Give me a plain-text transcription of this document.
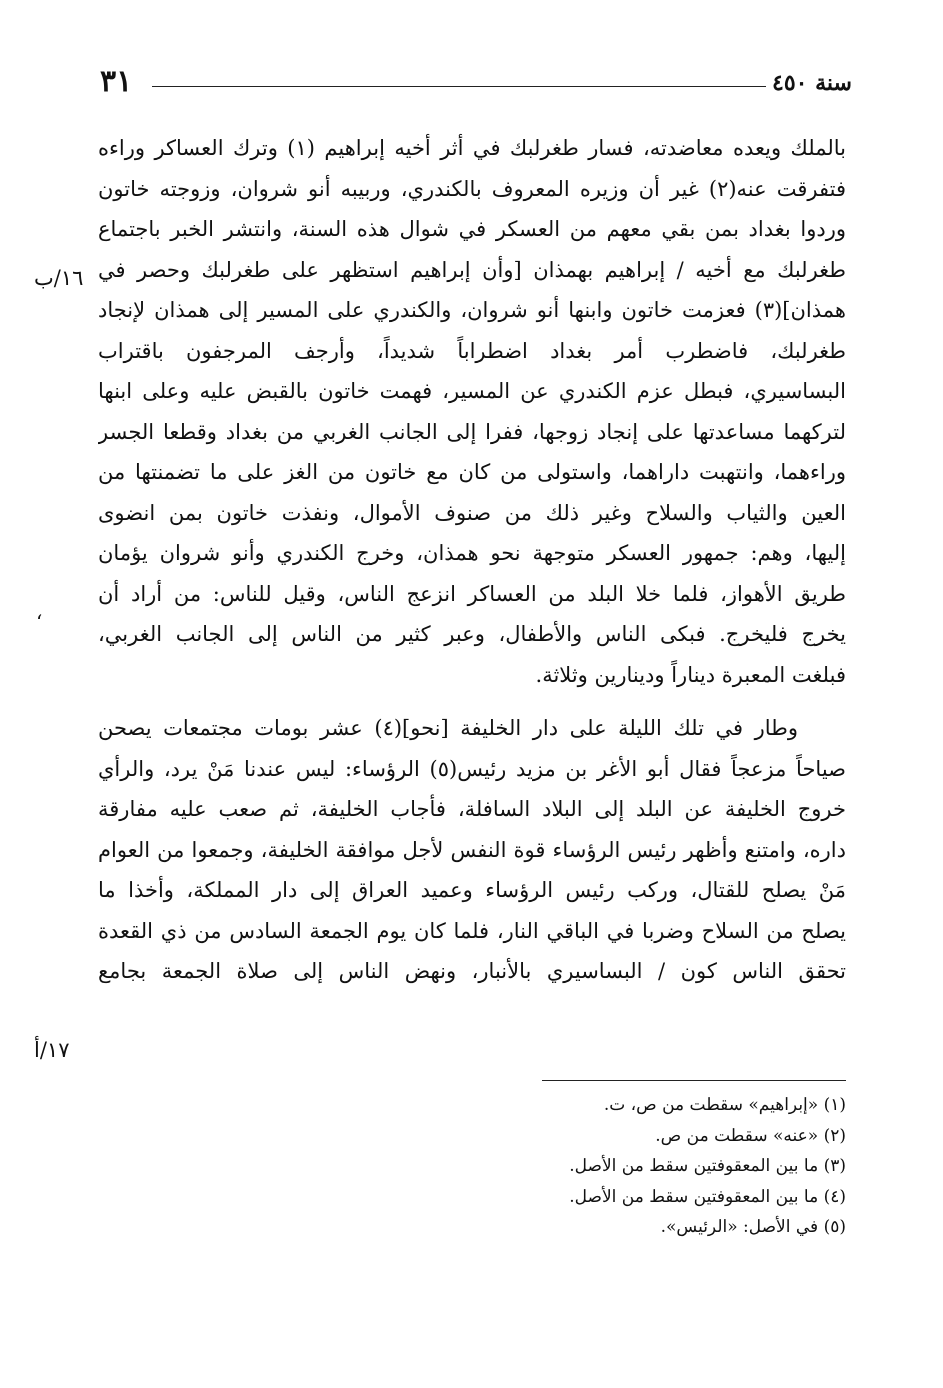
٣١	سنة ٤٥٠
بالملك ويعده معاضدته، فسار طغرلبك في أثر أخيه إبراهيم (١) وترك العساكر وراءه
فتفرقت عنه(٢) غير أن وزيره المعروف بالكندري، وربيبه أنو شروان، وزوجته خاتون
وردوا بغداد بمن بقي معهم من العسكر في شوال هذه السنة، وانتشر الخبر باجتماع
طغرلبك مع أخيه / إبراهيم بهمذان [وأن إبراهيم استظهر على طغرلبك وحصر في
همذان](٣) فعزمت خاتون وابنها أنو شروان، والكندري على المسير إلى همذان لإنجاد
طغرلبك، فاضطرب أمر بغداد اضطراباً شديداً، وأرجف المرجفون باقتراب
البساسيري، فبطل عزم الكندري عن المسير، فهمت خاتون بالقبض عليه وعلى ابنها
لتركهما مساعدتها على إنجاد زوجها، ففرا إلى الجانب الغربي من بغداد وقطعا الجسر
وراءهما، وانتهبت داراهما، واستولى من كان مع خاتون من الغز على ما تضمنتها من
العين والثياب والسلاح وغير ذلك من صنوف الأموال، ونفذت خاتون بمن انضوى
إليها، وهم: جمهور العسكر متوجهة نحو همذان، وخرج الكندري وأنو شروان يؤمان
طريق الأهواز، فلما خلا البلد من العساكر انزعج الناس، وقيل للناس: من أراد أن
يخرج فليخرج. فبكى الناس والأطفال، وعبر كثير من الناس إلى الجانب الغربي،
فبلغت المعبرة ديناراً ودينارين وثلاثة.
وطار في تلك الليلة على دار الخليفة [نحو](٤) عشر بومات مجتمعات يصحن
صياحاً مزعجاً فقال أبو الأغر بن مزيد رئيس(٥) الرؤساء: ليس عندنا مَنْ يرد، والرأي
خروج الخليفة عن البلد إلى البلاد السافلة، فأجاب الخليفة، ثم صعب عليه مفارقة
داره، وامتنع وأظهر رئيس الرؤساء قوة النفس لأجل موافقة الخليفة، وجمعوا من العوام
مَنْ يصلح للقتال، وركب رئيس الرؤساء وعميد العراق إلى دار المملكة، وأخذا ما
يصلح من السلاح وضربا في الباقي النار، فلما كان يوم الجمعة السادس من ذي القعدة
تحقق الناس كون / البساسيري بالأنبار، ونهض الناس إلى صلاة الجمعة بجامع
١٦/ب
ʻ
١٧/أ
(١) «إبراهيم» سقطت من ص، ت.
(٢) «عنه» سقطت من ص.
(٣) ما بين المعقوفتين سقط من الأصل.
(٤) ما بين المعقوفتين سقط من الأصل.
(٥) في الأصل: «الرئيس».
